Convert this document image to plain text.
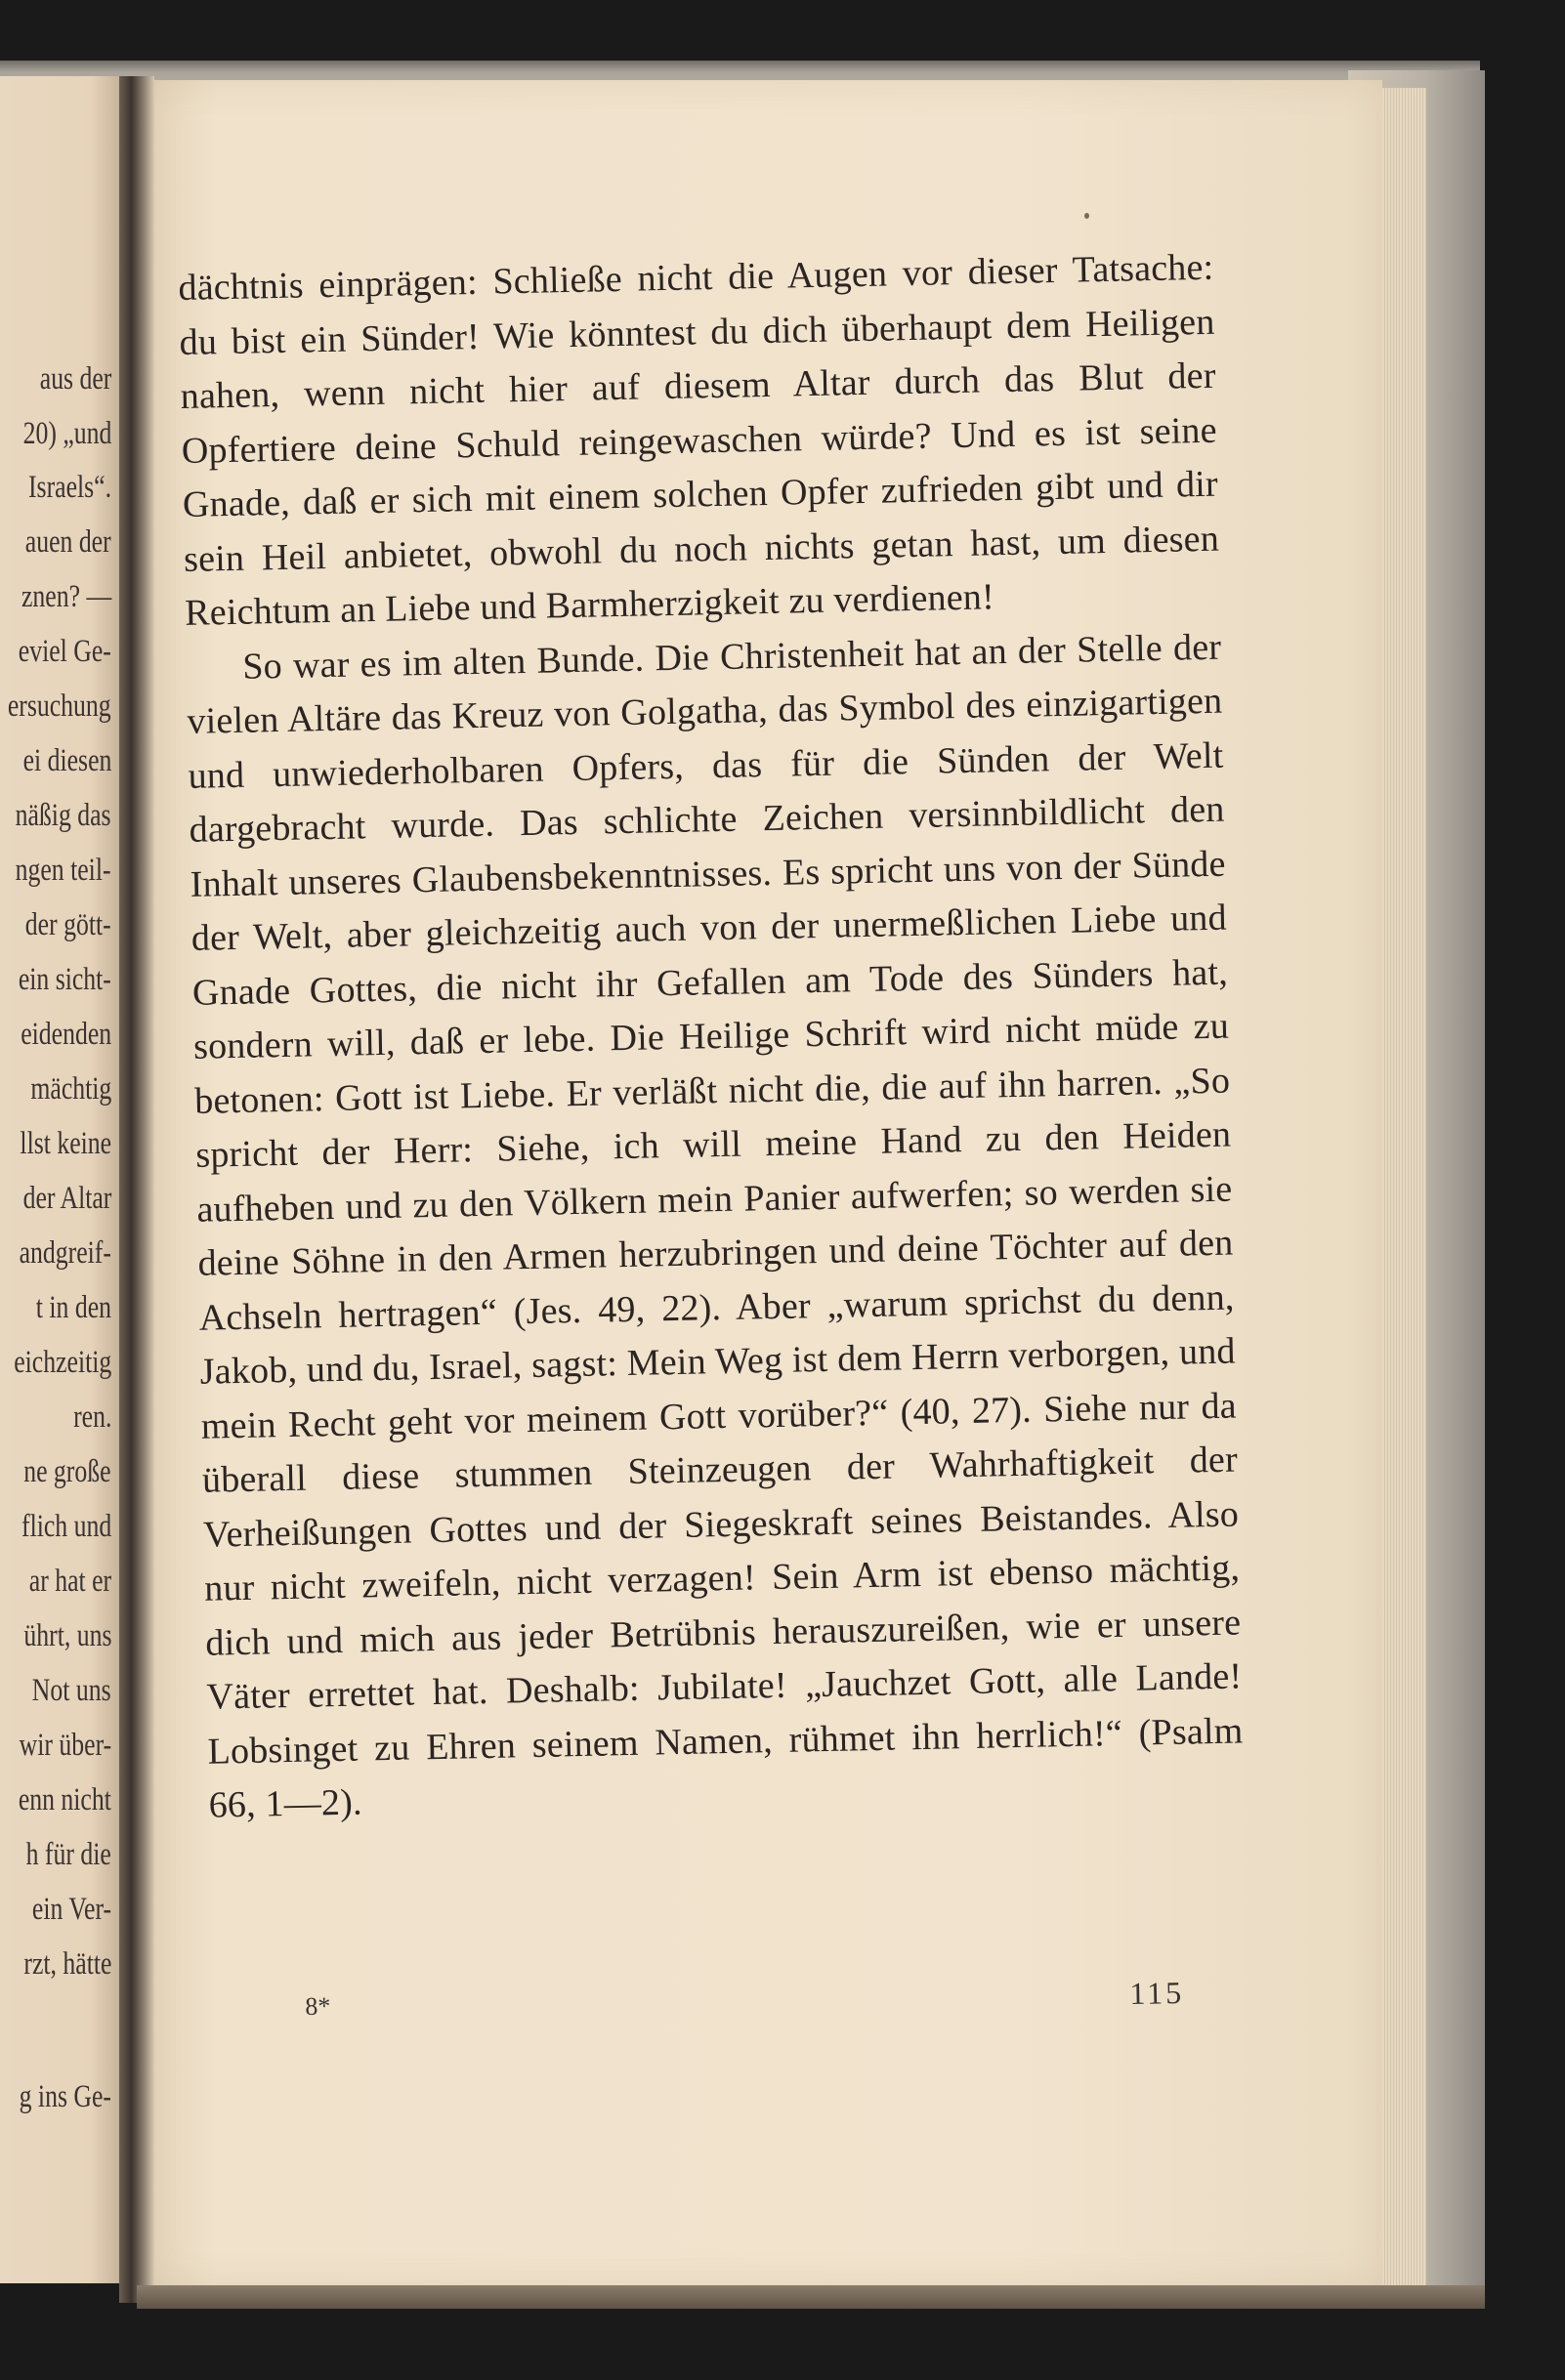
aus der
20) „und
Israels“.
auen der
znen? —
eviel Ge-
ersuchung
ei diesen
näßig das
ngen teil-
der gött-
ein sicht-
eidenden
mächtig
llst keine
der Altar
andgreif-
t in den
eichzeitig
ren.
ne große
flich und
ar hat er
ührt, uns
Not uns
wir über-
enn nicht
h für die
ein Ver-
rzt, hätte
g ins Ge-

dächtnis einprägen: Schließe nicht die Augen vor dieser Tatsache: du bist ein Sünder! Wie könntest du dich überhaupt dem Heiligen nahen, wenn nicht hier auf diesem Altar durch das Blut der Opfertiere deine Schuld reingewaschen würde? Und es ist seine Gnade, daß er sich mit einem solchen Opfer zufrieden gibt und dir sein Heil anbietet, obwohl du noch nichts getan hast, um diesen Reichtum an Liebe und Barmherzigkeit zu verdienen!

So war es im alten Bunde. Die Christenheit hat an der Stelle der vielen Altäre das Kreuz von Golgatha, das Symbol des einzigartigen und unwiederholbaren Opfers, das für die Sünden der Welt dargebracht wurde. Das schlichte Zeichen versinnbildlicht den Inhalt unseres Glaubensbekenntnisses. Es spricht uns von der Sünde der Welt, aber gleichzeitig auch von der unermeßlichen Liebe und Gnade Gottes, die nicht ihr Gefallen am Tode des Sünders hat, sondern will, daß er lebe. Die Heilige Schrift wird nicht müde zu betonen: Gott ist Liebe. Er verläßt nicht die, die auf ihn harren. „So spricht der Herr: Siehe, ich will meine Hand zu den Heiden aufheben und zu den Völkern mein Panier aufwerfen; so werden sie deine Söhne in den Armen herzubringen und deine Töchter auf den Achseln hertragen“ (Jes. 49, 22). Aber „warum sprichst du denn, Jakob, und du, Israel, sagst: Mein Weg ist dem Herrn verborgen, und mein Recht geht vor meinem Gott vorüber?“ (40, 27). Siehe nur da überall diese stummen Steinzeugen der Wahrhaftigkeit der Verheißungen Gottes und der Siegeskraft seines Beistandes. Also nur nicht zweifeln, nicht verzagen! Sein Arm ist ebenso mächtig, dich und mich aus jeder Betrübnis herauszureißen, wie er unsere Väter errettet hat. Deshalb: Jubilate! „Jauchzet Gott, alle Lande! Lobsinget zu Ehren seinem Namen, rühmet ihn herrlich!“ (Psalm 66, 1—2).

8*	115
